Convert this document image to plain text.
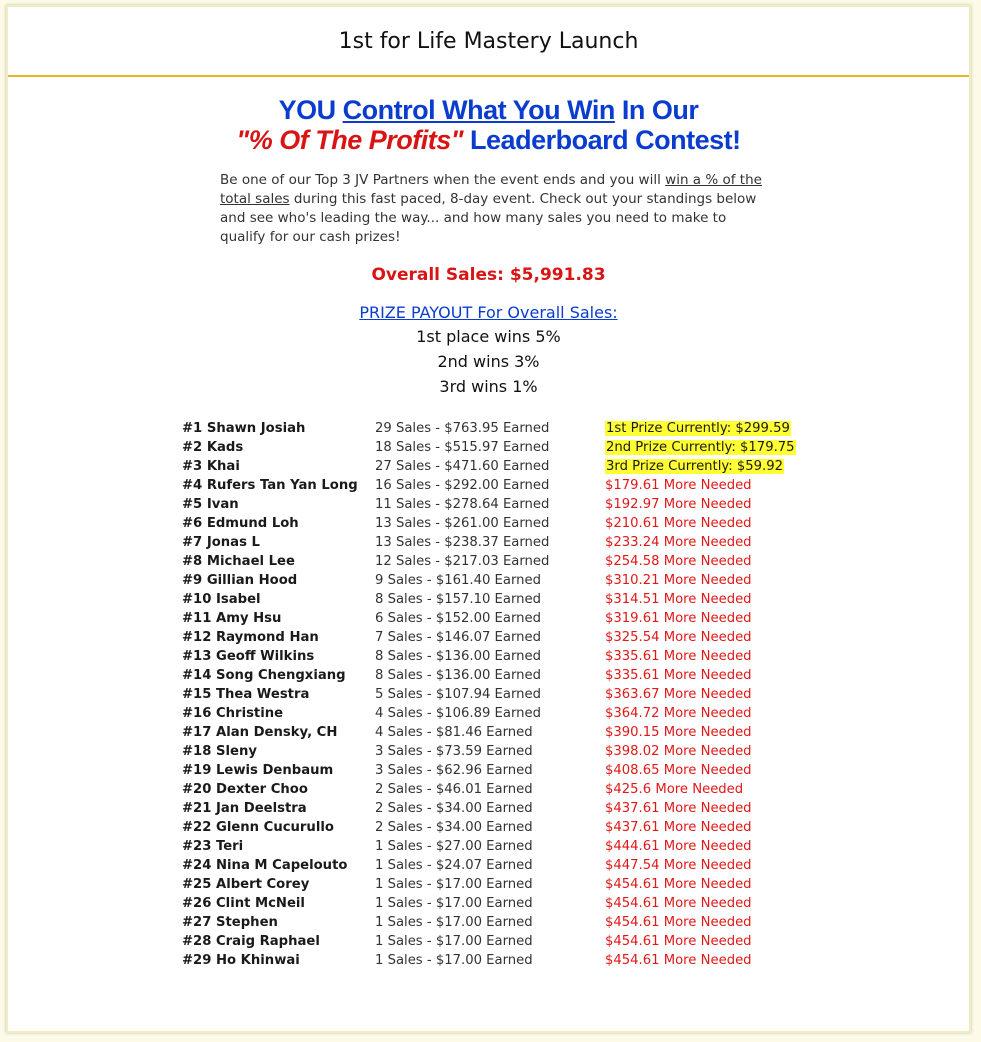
1st for Life Mastery Launch
YOU Control What You Win In Our
"% Of The Profits" Leaderboard Contest!
Be one of our Top 3 JV Partners when the event ends and you will win a % of the total sales during this fast paced, 8-day event. Check out your standings below and see who's leading the way... and how many sales you need to make to qualify for our cash prizes!
Overall Sales: $5,991.83
PRIZE PAYOUT For Overall Sales:
1st place wins 5%
2nd wins 3%
3rd wins 1%
#1 Shawn Josiah	29 Sales - $763.95 Earned	1st Prize Currently: $299.59
#2 Kads	18 Sales - $515.97 Earned	2nd Prize Currently: $179.75
#3 Khai	27 Sales - $471.60 Earned	3rd Prize Currently: $59.92
#4 Rufers Tan Yan Long	16 Sales - $292.00 Earned	$179.61 More Needed
#5 Ivan	11 Sales - $278.64 Earned	$192.97 More Needed
#6 Edmund Loh	13 Sales - $261.00 Earned	$210.61 More Needed
#7 Jonas L	13 Sales - $238.37 Earned	$233.24 More Needed
#8 Michael Lee	12 Sales - $217.03 Earned	$254.58 More Needed
#9 Gillian Hood	9 Sales - $161.40 Earned	$310.21 More Needed
#10 Isabel	8 Sales - $157.10 Earned	$314.51 More Needed
#11 Amy Hsu	6 Sales - $152.00 Earned	$319.61 More Needed
#12 Raymond Han	7 Sales - $146.07 Earned	$325.54 More Needed
#13 Geoff Wilkins	8 Sales - $136.00 Earned	$335.61 More Needed
#14 Song Chengxiang	8 Sales - $136.00 Earned	$335.61 More Needed
#15 Thea Westra	5 Sales - $107.94 Earned	$363.67 More Needed
#16 Christine	4 Sales - $106.89 Earned	$364.72 More Needed
#17 Alan Densky, CH	4 Sales - $81.46 Earned	$390.15 More Needed
#18 Sleny	3 Sales - $73.59 Earned	$398.02 More Needed
#19 Lewis Denbaum	3 Sales - $62.96 Earned	$408.65 More Needed
#20 Dexter Choo	2 Sales - $46.01 Earned	$425.6 More Needed
#21 Jan Deelstra	2 Sales - $34.00 Earned	$437.61 More Needed
#22 Glenn Cucurullo	2 Sales - $34.00 Earned	$437.61 More Needed
#23 Teri	1 Sales - $27.00 Earned	$444.61 More Needed
#24 Nina M Capelouto	1 Sales - $24.07 Earned	$447.54 More Needed
#25 Albert Corey	1 Sales - $17.00 Earned	$454.61 More Needed
#26 Clint McNeil	1 Sales - $17.00 Earned	$454.61 More Needed
#27 Stephen	1 Sales - $17.00 Earned	$454.61 More Needed
#28 Craig Raphael	1 Sales - $17.00 Earned	$454.61 More Needed
#29 Ho Khinwai	1 Sales - $17.00 Earned	$454.61 More Needed
